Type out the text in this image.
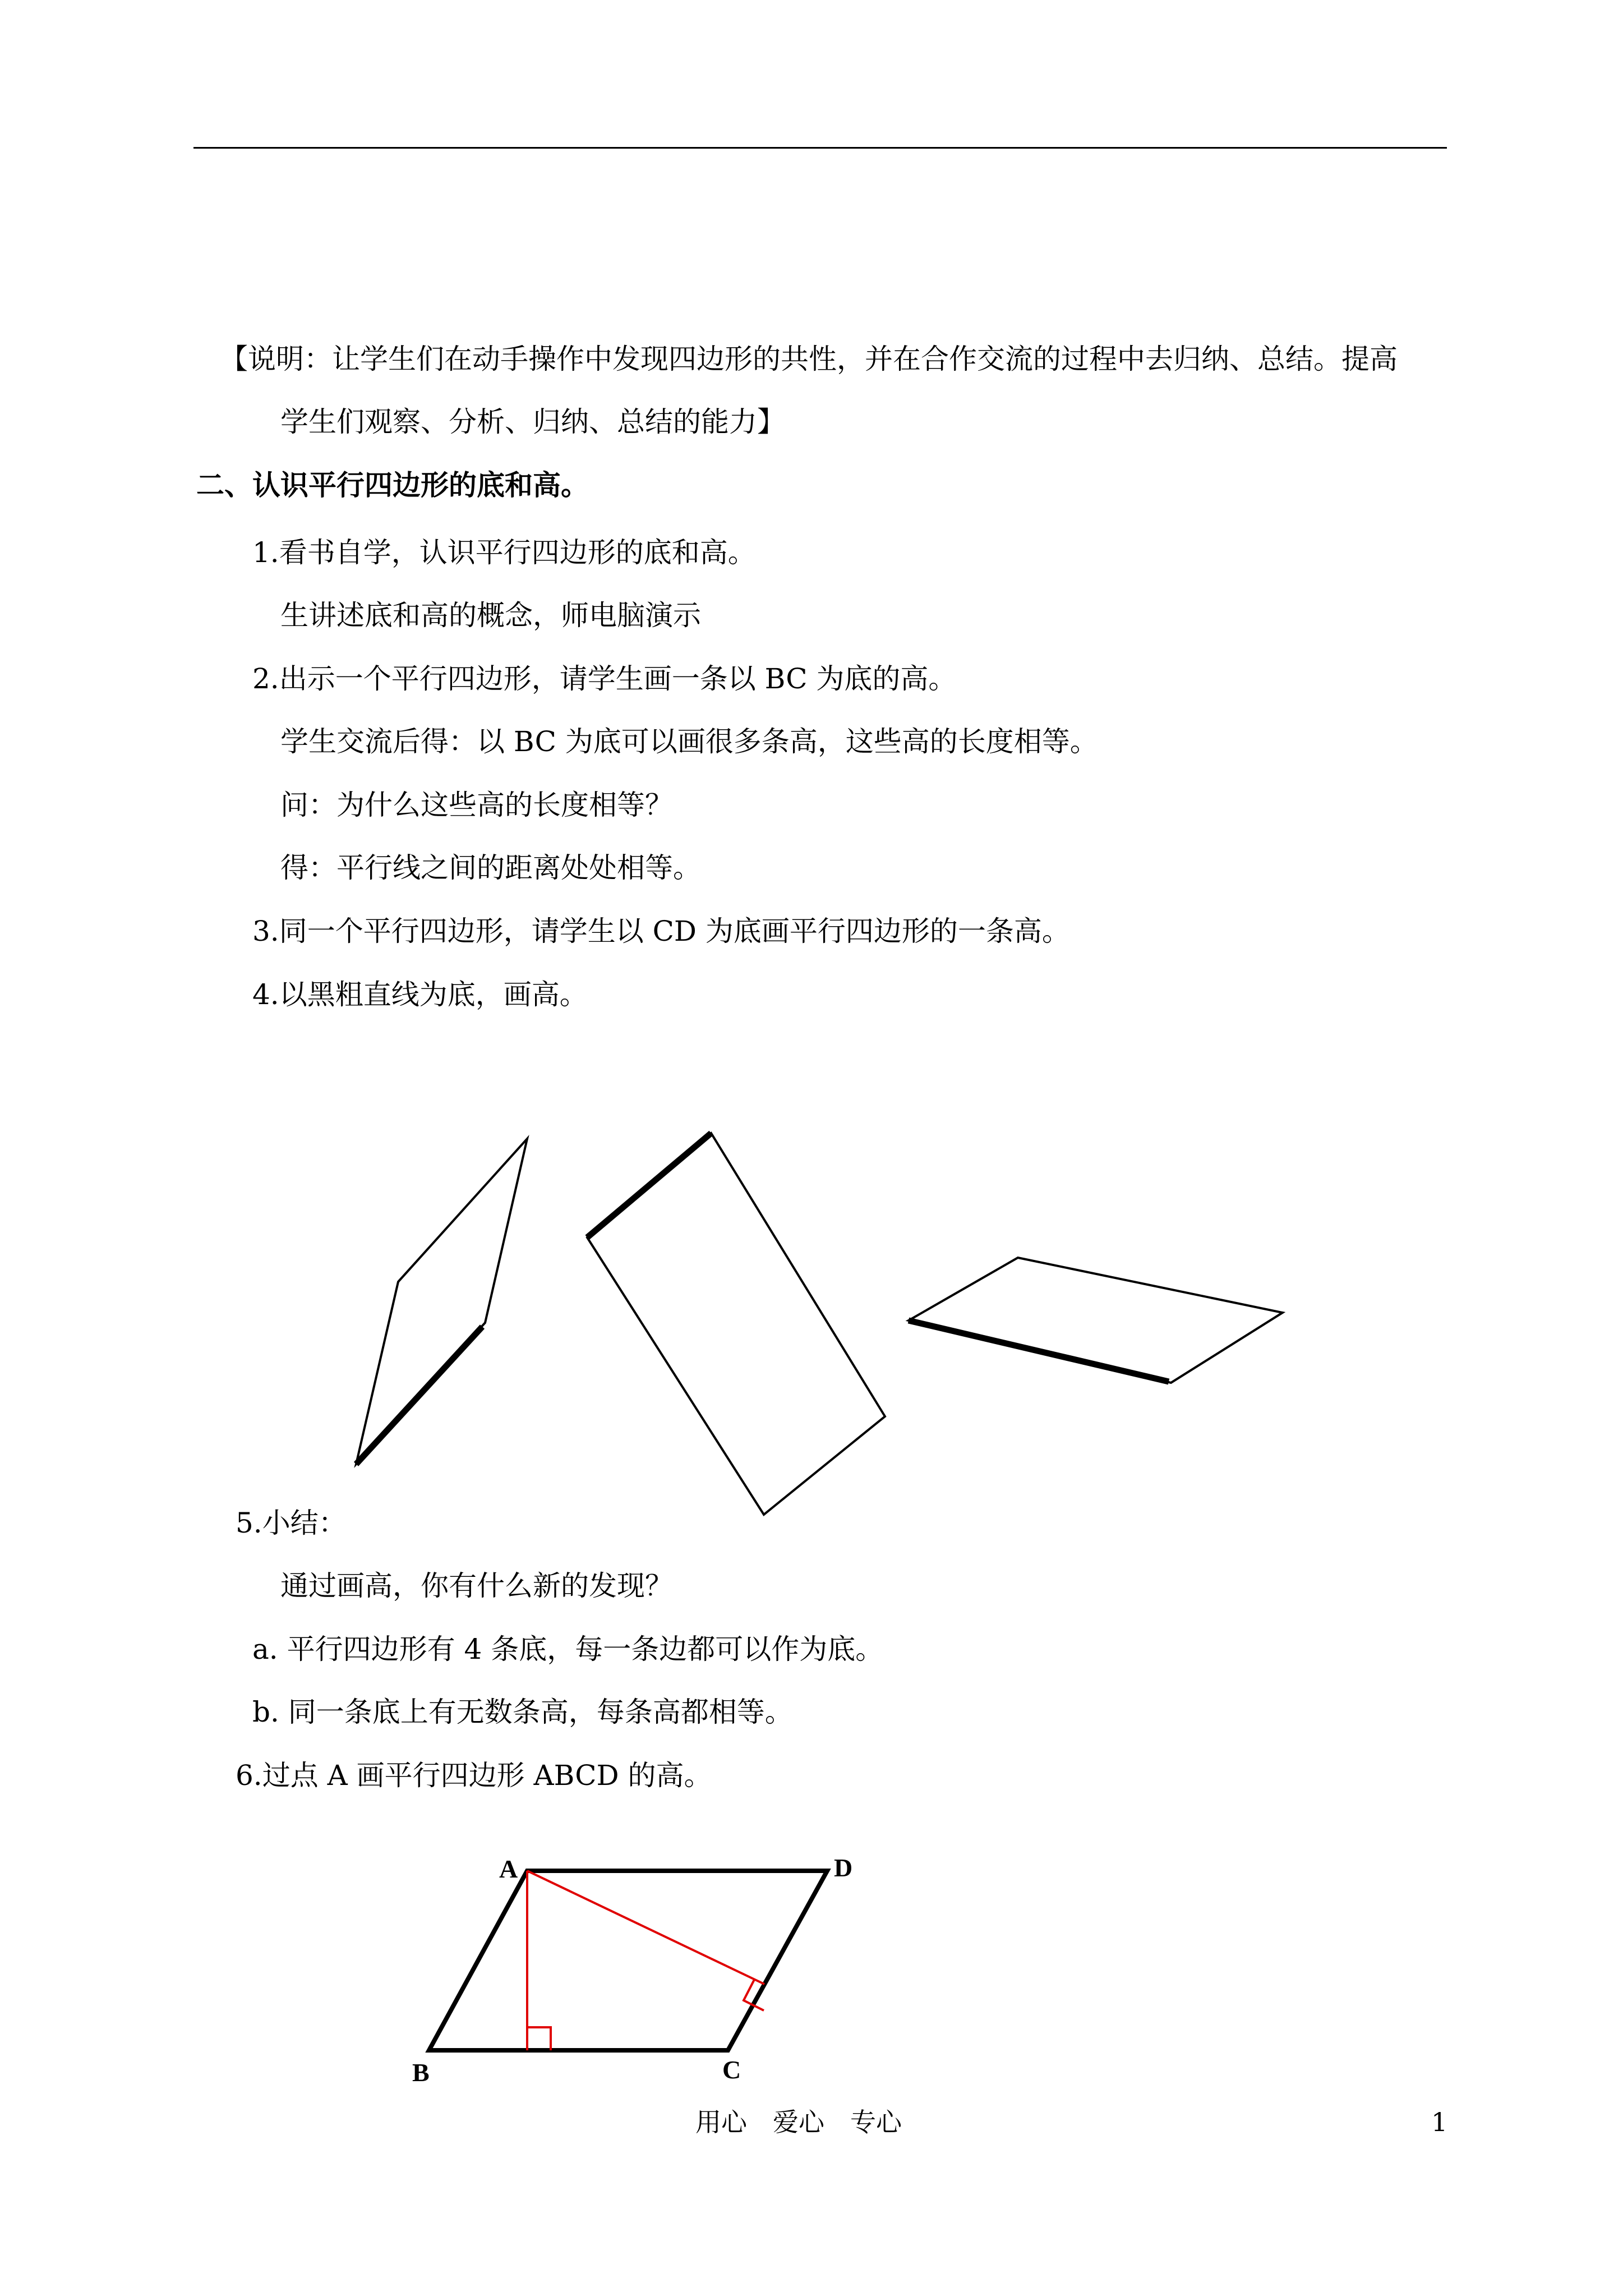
【说明：让学生们在动手操作中发现四边形的共性，并在合作交流的过程中去归纳、总结。提高
学生们观察、分析、归纳、总结的能力】
二、认识平行四边形的底和高。
1.看书自学，认识平行四边形的底和高。
生讲述底和高的概念，师电脑演示
2.出示一个平行四边形，请学生画一条以 BC 为底的高。
学生交流后得：以 BC 为底可以画很多条高，这些高的长度相等。
问：为什么这些高的长度相等？
得：平行线之间的距离处处相等。
3.同一个平行四边形，请学生以 CD 为底画平行四边形的一条高。
4.以黑粗直线为底，画高。
5.小结：
通过画高，你有什么新的发现？
a. 平行四边形有 4 条底，每一条边都可以作为底。
b. 同一条底上有无数条高，每条高都相等。
6.过点 A 画平行四边形 ABCD 的高。
A	D
B	C
用心　爱心　专心	1
